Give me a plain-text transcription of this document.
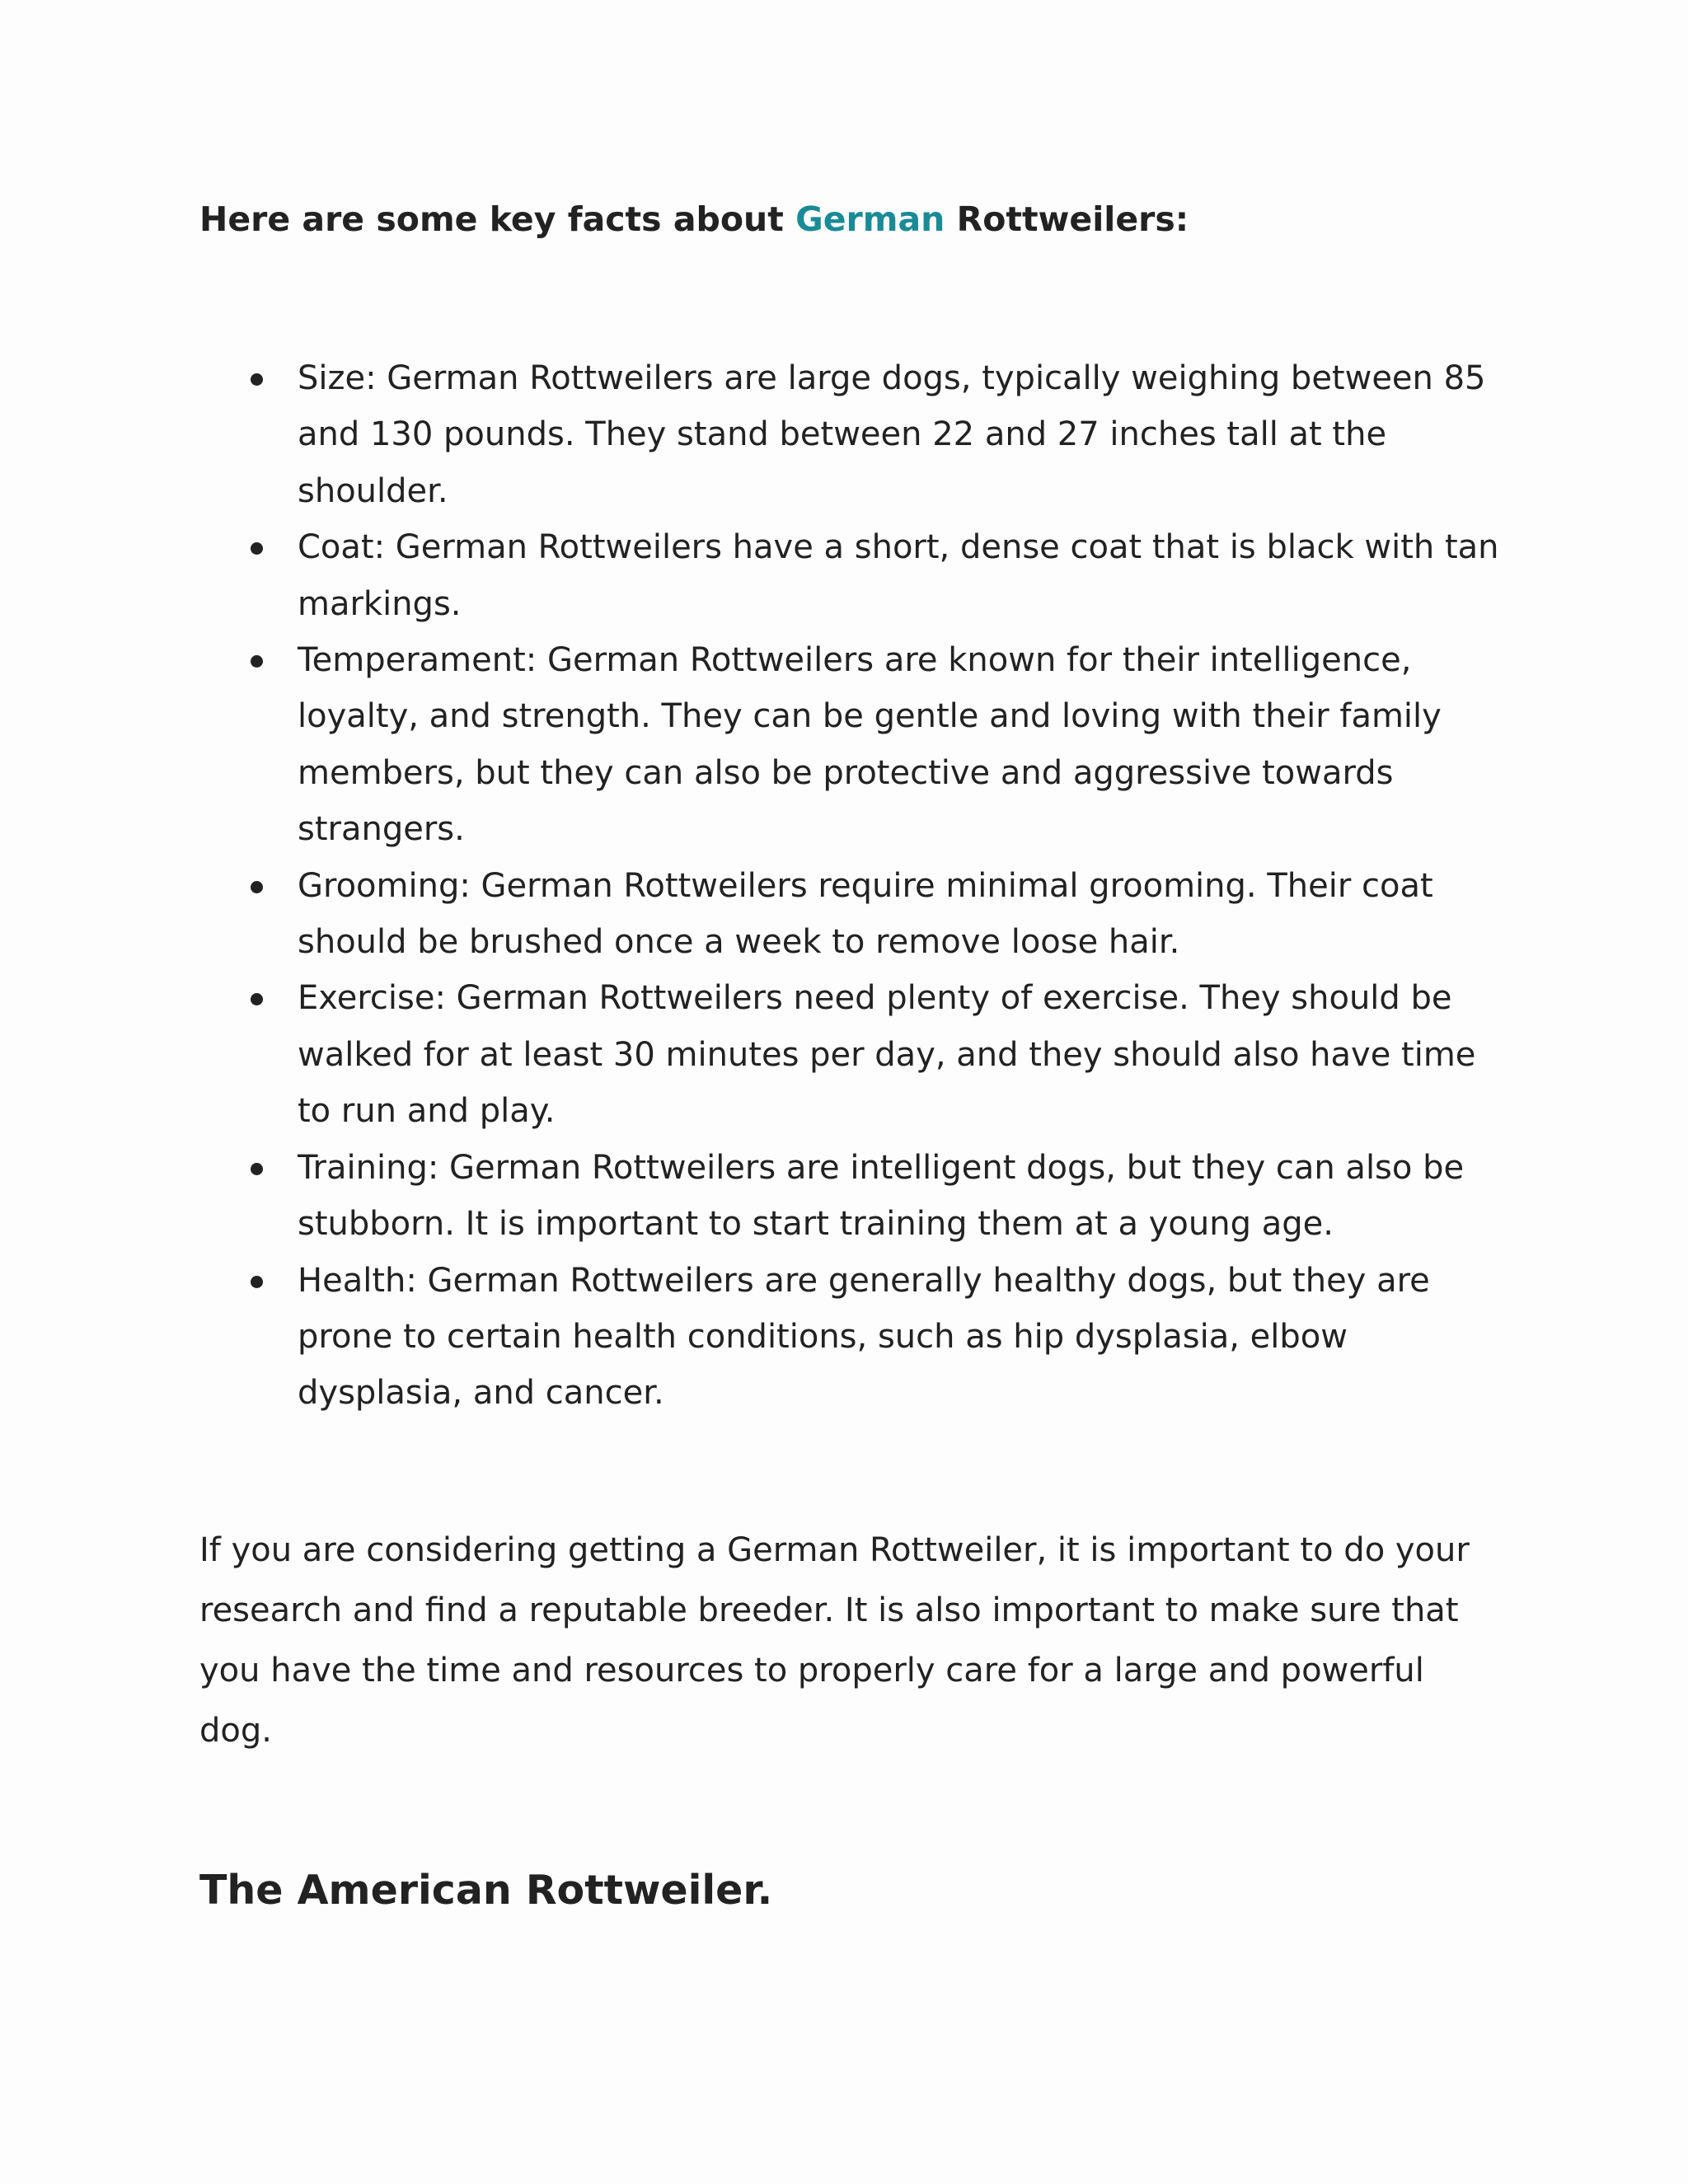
Here are some key facts about German Rottweilers:

Size: German Rottweilers are large dogs, typically weighing between 85 and 130 pounds. They stand between 22 and 27 inches tall at the shoulder.
Coat: German Rottweilers have a short, dense coat that is black with tan markings.
Temperament: German Rottweilers are known for their intelligence, loyalty, and strength. They can be gentle and loving with their family members, but they can also be protective and aggressive towards strangers.
Grooming: German Rottweilers require minimal grooming. Their coat should be brushed once a week to remove loose hair.
Exercise: German Rottweilers need plenty of exercise. They should be walked for at least 30 minutes per day, and they should also have time to run and play.
Training: German Rottweilers are intelligent dogs, but they can also be stubborn. It is important to start training them at a young age.
Health: German Rottweilers are generally healthy dogs, but they are prone to certain health conditions, such as hip dysplasia, elbow dysplasia, and cancer.

If you are considering getting a German Rottweiler, it is important to do your research and find a reputable breeder. It is also important to make sure that you have the time and resources to properly care for a large and powerful dog.

The American Rottweiler.
